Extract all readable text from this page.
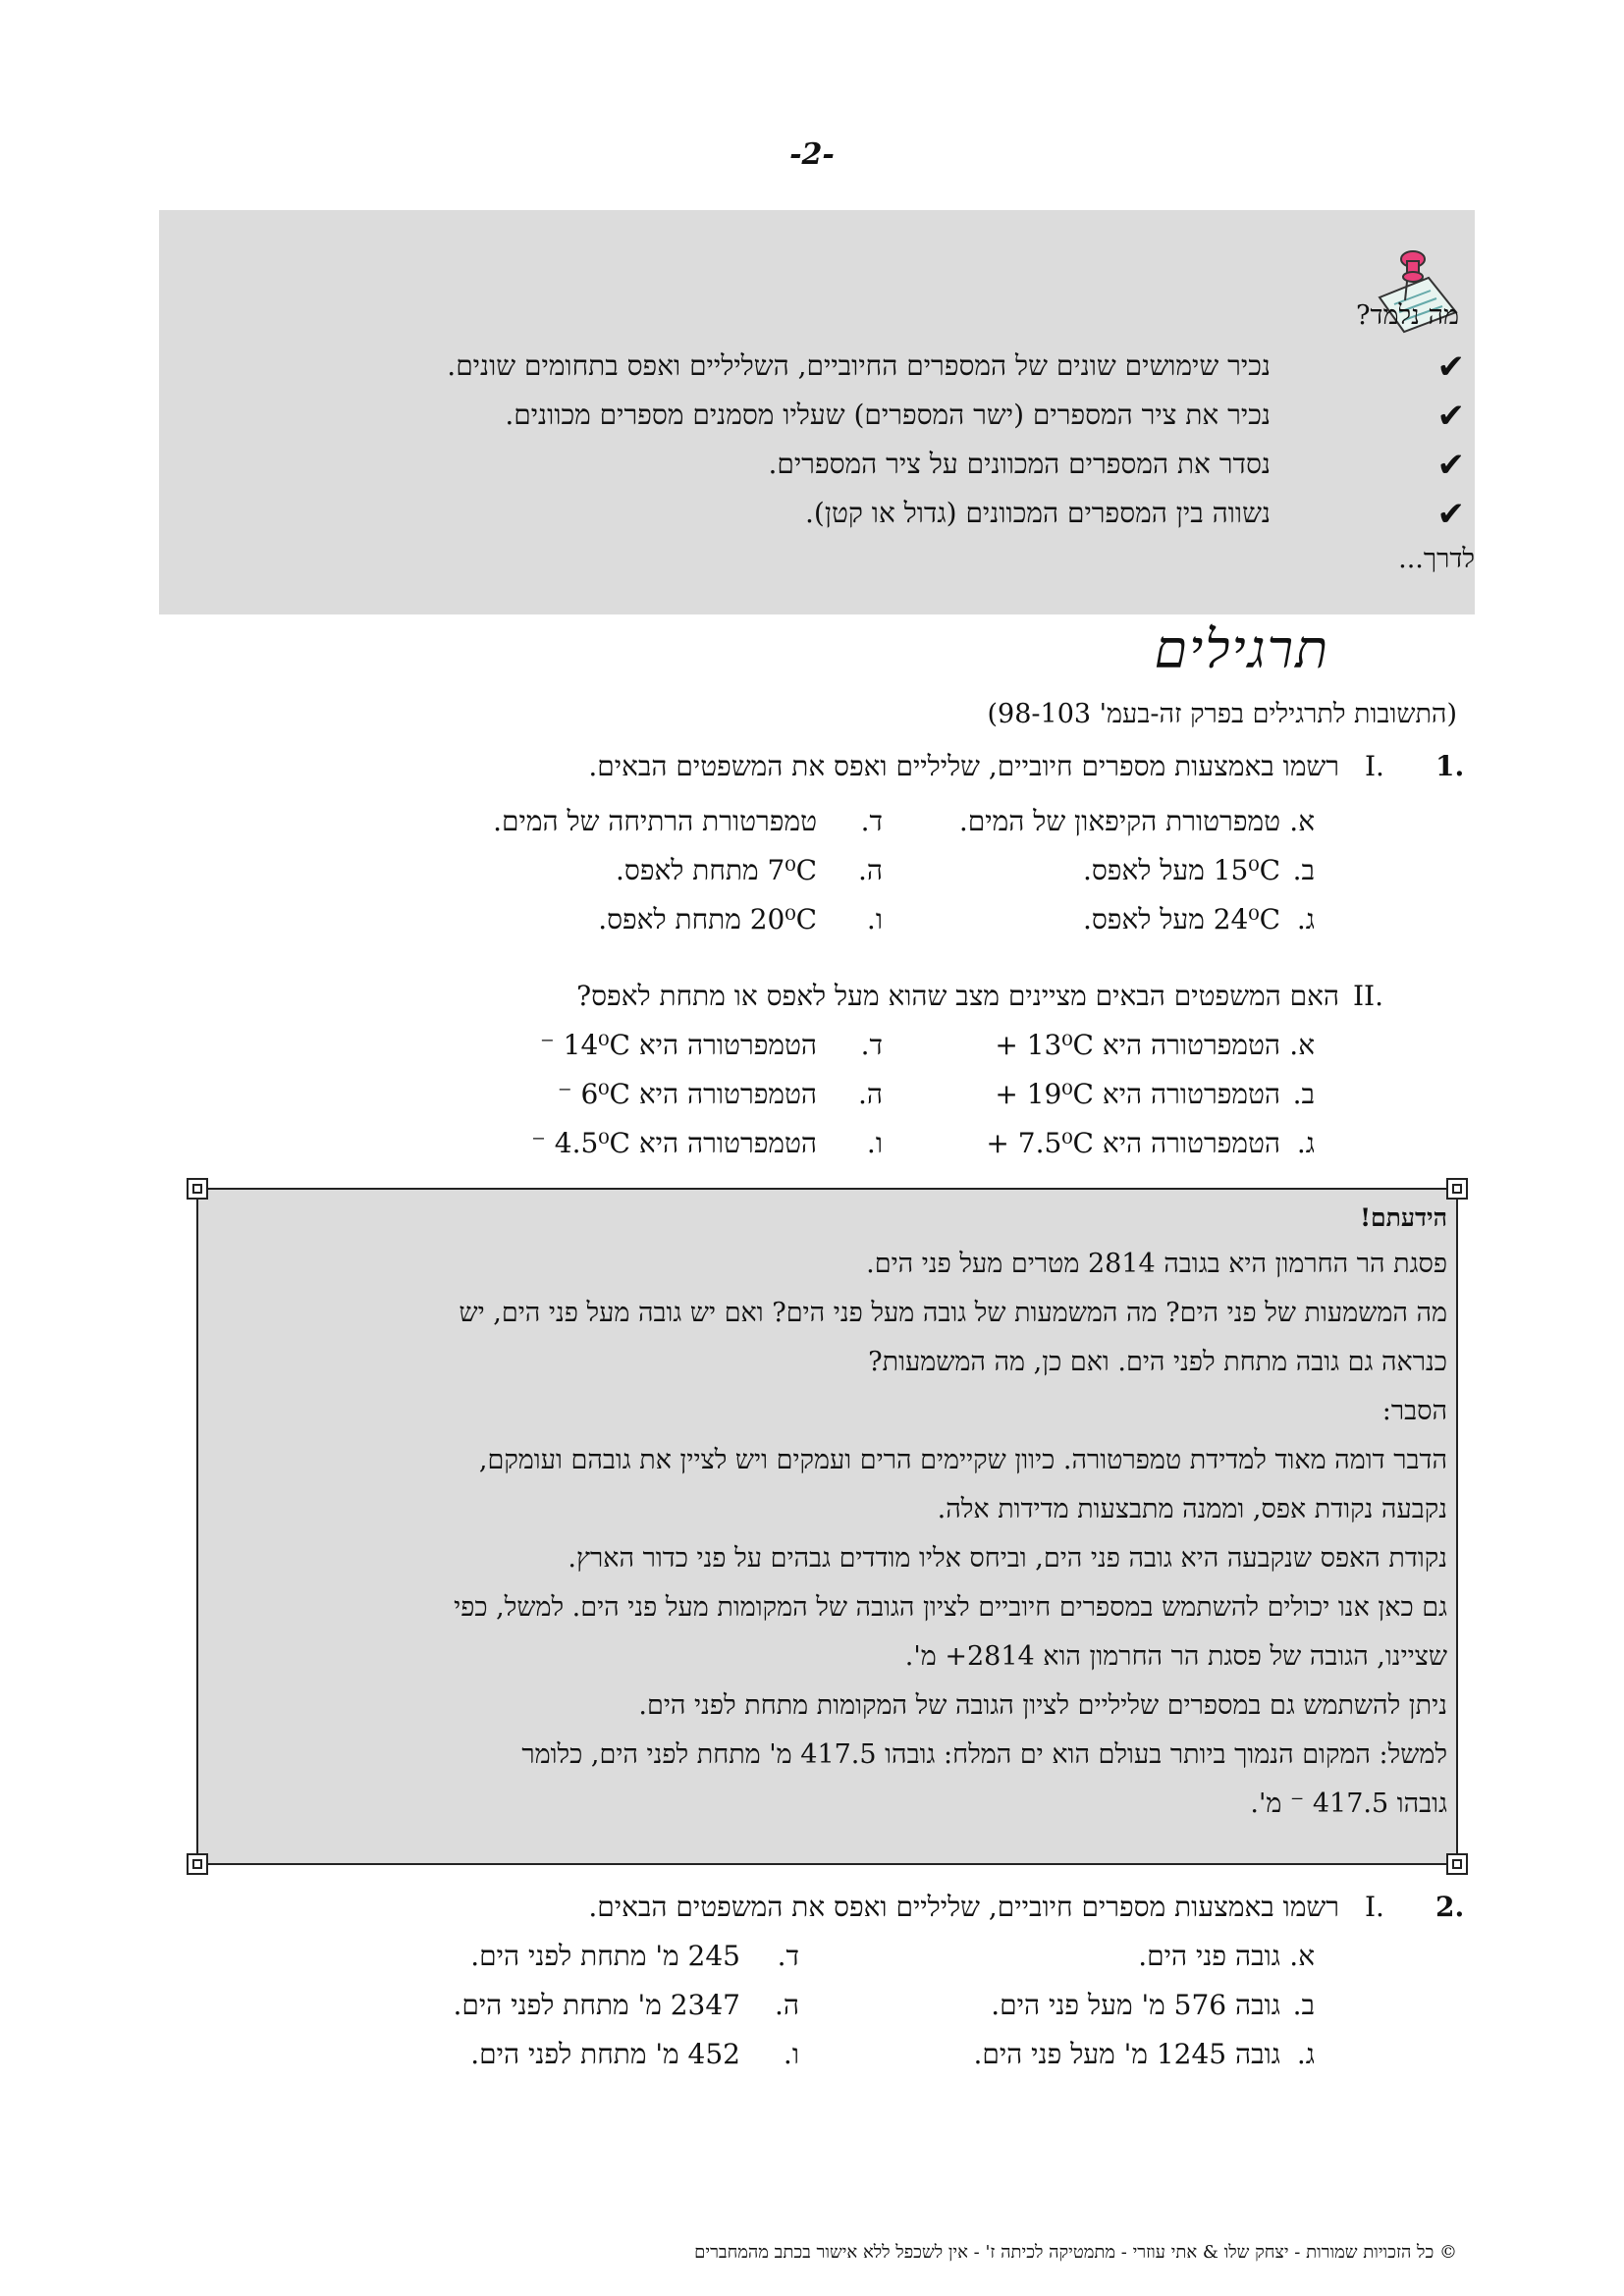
-2-
מה נלמד?
✔
נכיר שימושים שונים של המספרים החיוביים, השליליים ואפס בתחומים שונים.
✔
נכיר את ציר המספרים (ישר המספרים) שעליו מסמנים מספרים מכוונים.
✔
נסדר את המספרים המכוונים על ציר המספרים.
✔
נשווה בין המספרים המכוונים (גדול או קטן).
לדרך...
תרגילים
(התשובות לתרגילים בפרק זה-בעמ' 98-103)
1.
I.
רשמו באמצעות מספרים חיוביים, שליליים ואפס את המשפטים הבאים.
א.
טמפרטורת הקיפאון של המים.
ב.
15⁰C מעל לאפס.
ג.
24⁰C מעל לאפס.
ד.
טמפרטורת הרתיחה של המים.
ה.
7⁰C מתחת לאפס.
ו.
20⁰C מתחת לאפס.
II.
האם המשפטים הבאים מציינים מצב שהוא מעל לאפס או מתחת לאפס?
א.
הטמפרטורה היא ‎+ 13⁰C‎
ב.
הטמפרטורה היא ‎+ 19⁰C‎
ג.
הטמפרטורה היא ‎+ 7.5⁰C‎
ד.
הטמפרטורה היא ‎⁻ 14⁰C‎
ה.
הטמפרטורה היא ‎⁻ 6⁰C‎
ו.
הטמפרטורה היא ‎⁻ 4.5⁰C‎
הידעתם!
פסגת הר החרמון היא בגובה 2814 מטרים מעל פני הים.
מה המשמעות של פני הים? מה המשמעות של גובה מעל פני הים? ואם יש גובה מעל פני הים, יש
כנראה גם גובה מתחת לפני הים. ואם כן, מה המשמעות?
הסבר:
הדבר דומה מאוד למדידת טמפרטורה. כיוון שקיימים הרים ועמקים ויש לציין את גובהם ועומקם,
נקבעה נקודת אפס, וממנה מתבצעות מדידות אלה.
נקודת האפס שנקבעה היא גובה פני הים, וביחס אליו מודדים גבהים על פני כדור הארץ.
גם כאן אנו יכולים להשתמש במספרים חיוביים לציון הגובה של המקומות מעל פני הים. למשל, כפי
שציינו, הגובה של פסגת הר החרמון הוא ‎+2814‎ מ'.
ניתן להשתמש גם במספרים שליליים לציון הגובה של המקומות מתחת לפני הים.
למשל: המקום הנמוך ביותר בעולם הוא ים המלח: גובהו 417.5 מ' מתחת לפני הים, כלומר
גובהו ‎⁻ 417.5‎ מ'.
2.
I.
רשמו באמצעות מספרים חיוביים, שליליים ואפס את המשפטים הבאים.
א.
גובה פני הים.
ב.
גובה 576 מ' מעל פני הים.
ג.
גובה 1245 מ' מעל פני הים.
ד.
245 מ' מתחת לפני הים.
ה.
2347 מ' מתחת לפני הים.
ו.
452 מ' מתחת לפני הים.
© כל הזכויות שמורות - יצחק שלו & אתי עוזרי - מתמטיקה לכיתה ז' - אין לשכפל ללא אישור בכתב מהמחברים
